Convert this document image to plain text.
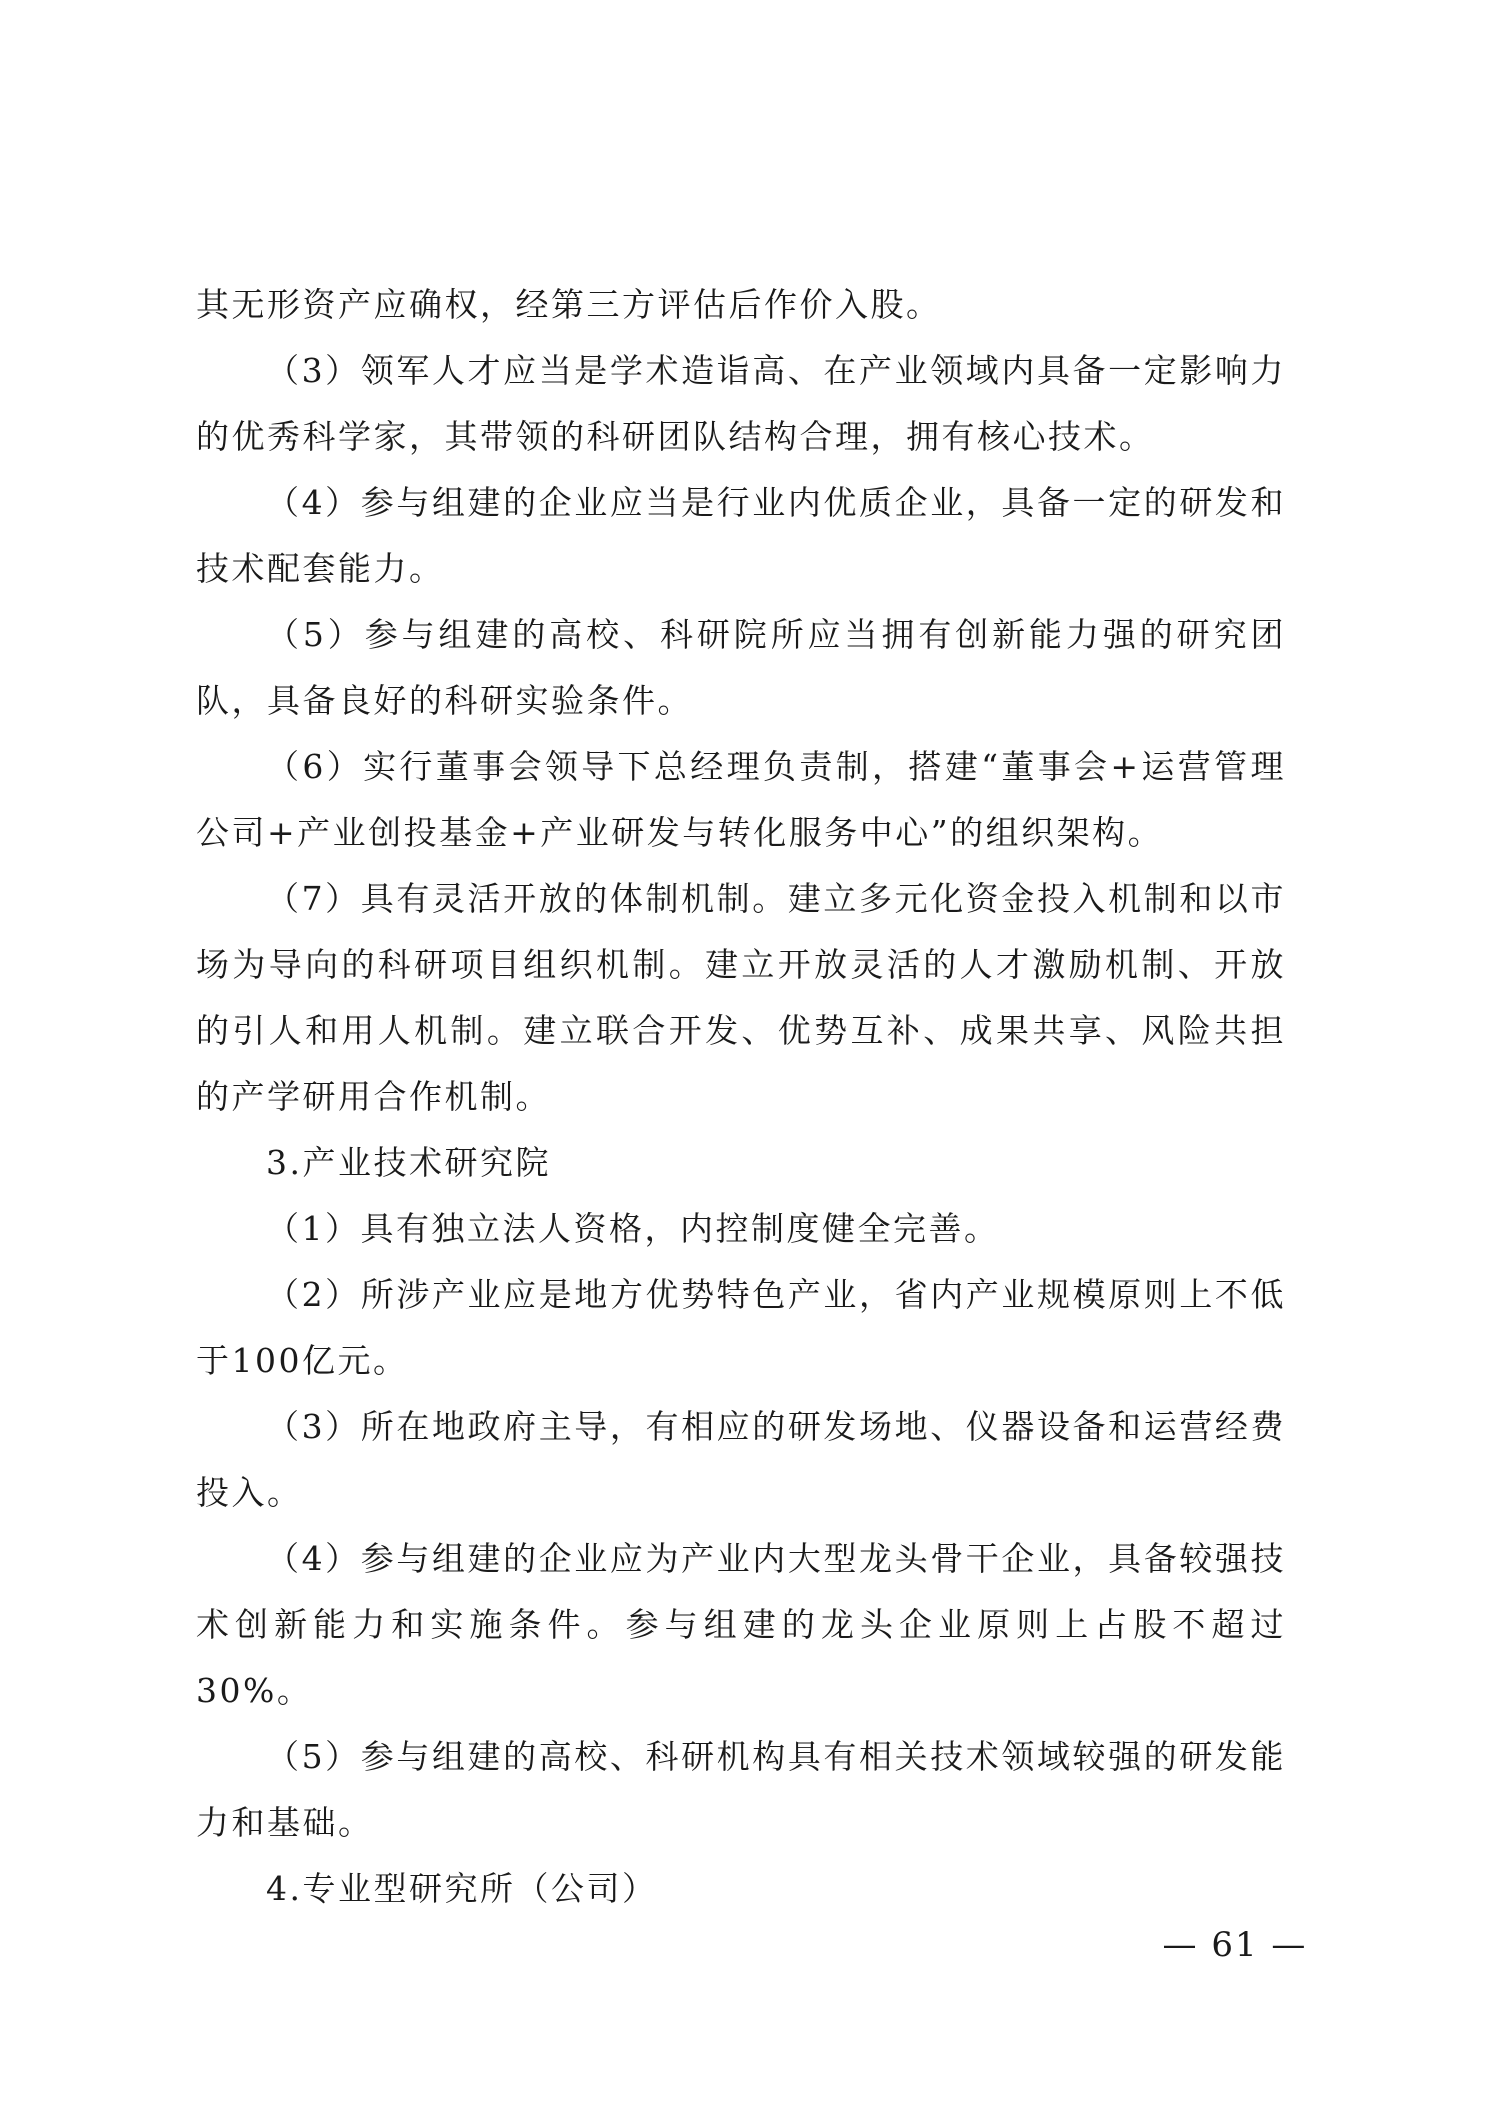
其无形资产应确权，经第三方评估后作价入股。

（3）领军人才应当是学术造诣高、在产业领域内具备一定影响力的优秀科学家，其带领的科研团队结构合理，拥有核心技术。

（4）参与组建的企业应当是行业内优质企业，具备一定的研发和技术配套能力。

（5）参与组建的高校、科研院所应当拥有创新能力强的研究团队，具备良好的科研实验条件。

（6）实行董事会领导下总经理负责制，搭建“董事会+运营管理公司+产业创投基金+产业研发与转化服务中心”的组织架构。

（7）具有灵活开放的体制机制。建立多元化资金投入机制和以市场为导向的科研项目组织机制。建立开放灵活的人才激励机制、开放的引人和用人机制。建立联合开发、优势互补、成果共享、风险共担的产学研用合作机制。

3.产业技术研究院

（1）具有独立法人资格，内控制度健全完善。

（2）所涉产业应是地方优势特色产业，省内产业规模原则上不低于100亿元。

（3）所在地政府主导，有相应的研发场地、仪器设备和运营经费投入。

（4）参与组建的企业应为产业内大型龙头骨干企业，具备较强技术创新能力和实施条件。参与组建的龙头企业原则上占股不超过30%。

（5）参与组建的高校、科研机构具有相关技术领域较强的研发能力和基础。

4.专业型研究所（公司）

— 61 —
